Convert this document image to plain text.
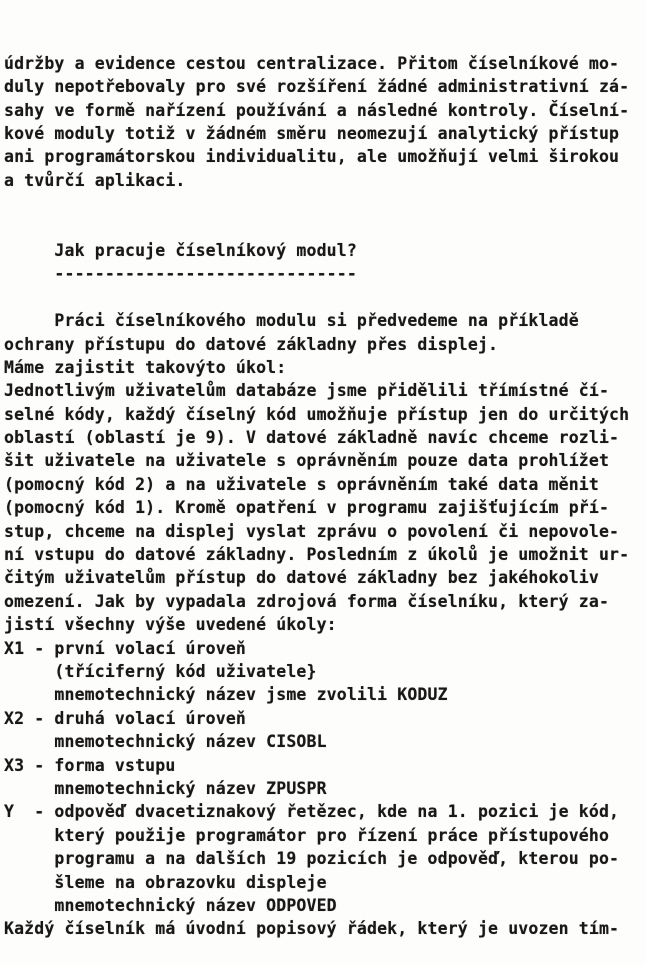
údržby a evidence cestou centralizace. Přitom číselníkové mo-
duly nepotřebovaly pro své rozšíření žádné administrativní zá-
sahy ve formě nařízení používání a následné kontroly. Číselní-
kové moduly totiž v žádném směru neomezují analytický přístup
ani programátorskou individualitu, ale umožňují velmi širokou
a tvůrčí aplikaci.
Jak pracuje číselníkový modul?
------------------------------
Práci číselníkového modulu si předvedeme na příkladě
ochrany přístupu do datové základny přes displej.
Máme zajistit takovýto úkol:
Jednotlivým uživatelům databáze jsme přidělili třímístné čí-
selné kódy, každý číselný kód umožňuje přístup jen do určitých
oblastí (oblastí je 9). V datové základně navíc chceme rozli-
šit uživatele na uživatele s oprávněním pouze data prohlížet
(pomocný kód 2) a na uživatele s oprávněním také data měnit
(pomocný kód 1). Kromě opatření v programu zajišťujícím pří-
stup, chceme na displej vyslat zprávu o povolení či nepovole-
ní vstupu do datové základny. Posledním z úkolů je umožnit ur-
čitým uživatelům přístup do datové základny bez jakéhokoliv
omezení. Jak by vypadala zdrojová forma číselníku, který za-
jistí všechny výše uvedené úkoly:
X1 - první volací úroveň
(tříciferný kód uživatele}
mnemotechnický název jsme zvolili KODUZ
X2 - druhá volací úroveň
mnemotechnický název CISOBL
X3 - forma vstupu
mnemotechnický název ZPUSPR
Y  - odpověď dvacetiznakový řetězec, kde na 1. pozici je kód,
který použije programátor pro řízení práce přístupového
programu a na dalších 19 pozicích je odpověď, kterou po-
šleme na obrazovku displeje
mnemotechnický název ODPOVED
Každý číselník má úvodní popisový řádek, který je uvozen tím-
